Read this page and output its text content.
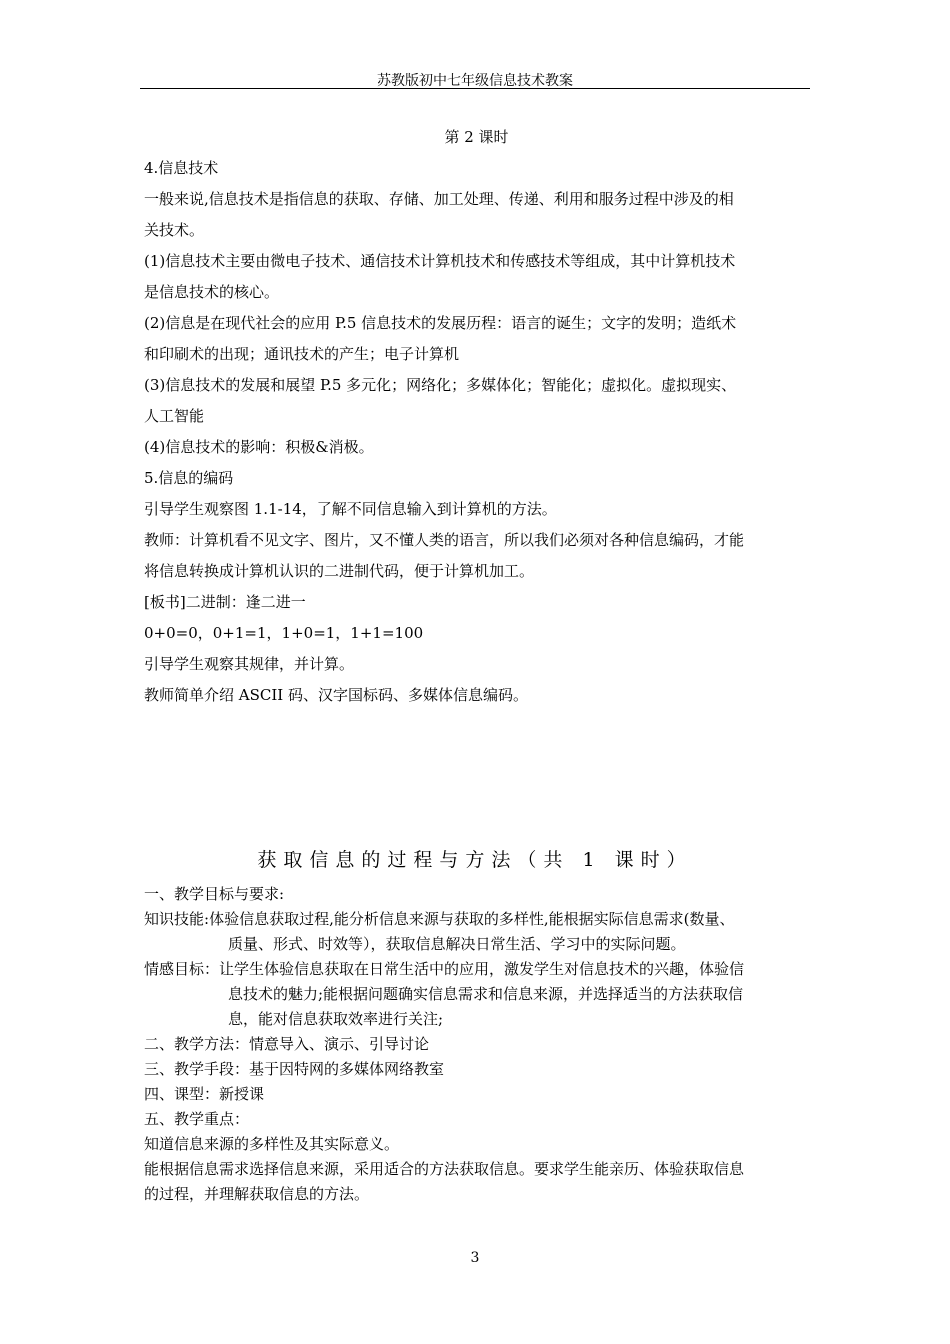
苏教版初中七年级信息技术教案

第 2 课时

4.信息技术

一般来说,信息技术是指信息的获取、存储、加工处理、传递、利用和服务过程中涉及的相

关技术。

(1)信息技术主要由微电子技术、通信技术计算机技术和传感技术等组成，其中计算机技术

是信息技术的核心。

(2)信息是在现代社会的应用 P.5 信息技术的发展历程：语言的诞生；文字的发明；造纸术

和印刷术的出现；通讯技术的产生；电子计算机

(3)信息技术的发展和展望 P.5 多元化；网络化；多媒体化；智能化；虚拟化。虚拟现实、

人工智能

(4)信息技术的影响：积极&消极。

5.信息的编码

引导学生观察图 1.1-14，了解不同信息输入到计算机的方法。

教师：计算机看不见文字、图片，又不懂人类的语言，所以我们必须对各种信息编码，才能

将信息转换成计算机认识的二进制代码，便于计算机加工。

[板书]二进制：逢二进一

0+0=0，0+1=1，1+0=1，1+1=100

引导学生观察其规律，并计算。

教师简单介绍 ASCII 码、汉字国标码、多媒体信息编码。

获取信息的过程与方法（共 1 课时）

一、教学目标与要求:

知识技能: 体验信息获取过程,能分析信息来源与获取的多样性,能根据实际信息需求(数量、

质量、形式、时效等），获取信息解决日常生活、学习中的实际问题。

情感目标： 让学生体验信息获取在日常生活中的应用，激发学生对信息技术的兴趣，体验信

息技术的魅力;能根据问题确实信息需求和信息来源，并选择适当的方法获取信

息，能对信息获取效率进行关注;

二、教学方法：情意导入、演示、引导讨论

三、教学手段：基于因特网的多媒体网络教室

四、课型：新授课

五、教学重点：

知道信息来源的多样性及其实际意义。

能根据信息需求选择信息来源，采用适合的方法获取信息。要求学生能亲历、体验获取信息

的过程，并理解获取信息的方法。

3
